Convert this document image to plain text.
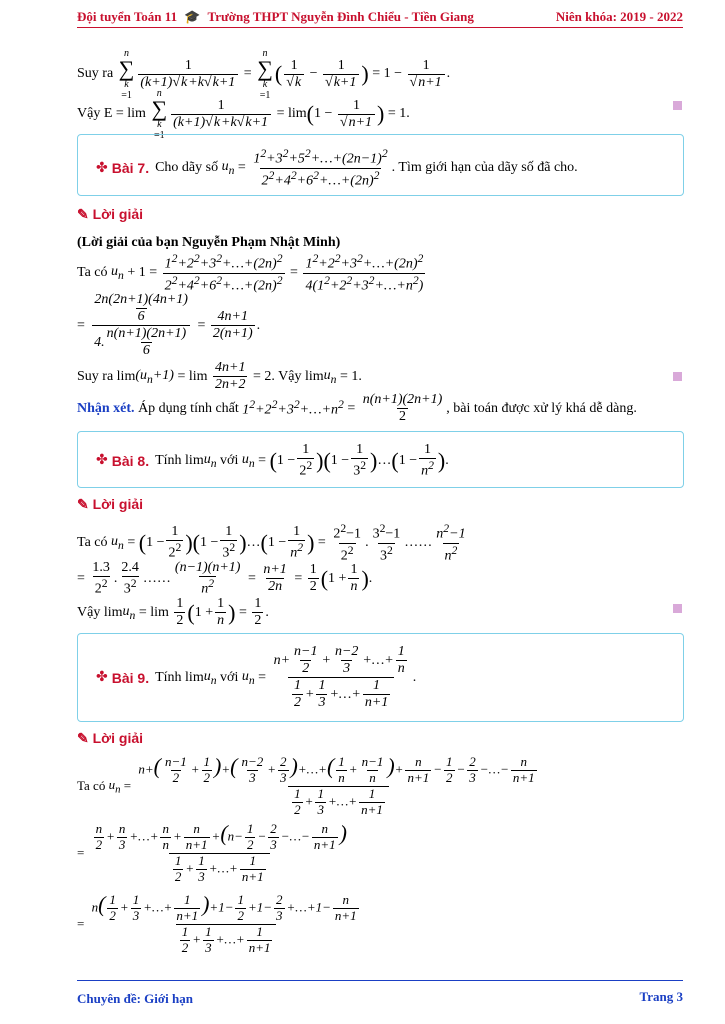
Đội tuyển Toán 11 🎓 Trường THPT Nguyễn Đình Chiểu - Tiền Giang	Niên khóa: 2019 - 2022
Suy ra

n
∑
k
=1
$\frac{1}{(k+1)√k+k√k+1}$ =
n
∑
k
=1
( $\frac{1}{√k} - \frac{1}{√k+1}$ ) = $1 - \frac{1}{√n+1}$ .
Vậy E = lim

n
∑
k
=1
$\frac{1}{(k+1)√k+k√k+1} = \lim$ ( $1 - \frac{1}{√n+1}$ ) = 1.
✤ Bài 7. Cho dãy số
$u_n = \frac{1^2+3^2+5^2+\dots+(2n-1)^2}{2^2+4^2+6^2+\dots+(2n)^2}$ . Tìm giới hạn của dãy số đã cho.
✎ Lời giải
(Lời giải của bạn Nguyễn Phạm Nhật Minh)
Ta có
$u_n + 1 = \frac{1^2+2^2+3^2+\dots+(2n)^2}{2^2+4^2+6^2+\dots+(2n)^2} = \frac{1^2+2^2+3^2+\dots+(2n)^2}{4(1^2+2^2+3^2+\dots+n^2)}$
= $\frac{\frac{2n(2n+1)(4n+1)}{6}}{4. \frac{n(n+1)(2n+1)}{6}} = \frac{4n+1}{2(n+1)}$ .
Suy ra $\lim (u_n+1) = \lim \frac{4n+1}{2n+2} = 2$. Vậy $\lim u_n = 1$.
Nhận xét.
Áp dụng tính chất
$1^2+2^2+3^2+\dots+n^2 = \frac{n(n+1)(2n+1)}{2}$ , bài toán được xử lý khá dễ dàng.
✤ Bài 8. Tính $\lim u_n$
với
$u_n$ = ( $1 - \frac{1}{2^2}$ ) ( $1 - \frac{1}{3^2}$ ) … ( $1 - \frac{1}{n^2}$ ) .
✎ Lời giải
Ta có
$u_n$ = ( $1 - \frac{1}{2^2}$ ) ( $1 - \frac{1}{3^2}$ ) … ( $1 - \frac{1}{n^2}$ ) = $\frac{2^2-1}{2^2}$ . $\frac{3^2-1}{3^2}$ …… $\frac{n^2-1}{n^2}$
= $\frac{1.3}{2^2}$ . $\frac{2.4}{3^2}$ …… $\frac{(n-1)(n+1)}{n^2} = \frac{n+1}{2n} = \frac{1}{2}$ ( $1 + \frac{1}{n}$ ) .
Vậy $\lim u_n = \lim \frac{1}{2}$ ( $1 + \frac{1}{n}$ ) = $\frac{1}{2}$ .
✤ Bài 9. Tính $\lim u_n$
với
$u_n = \frac{n+ \frac{n-1}{2} + \frac{n-2}{3} +\dots+ \frac{1}{n}}{\frac{1}{2} + \frac{1}{3} +\dots+ \frac{1}{n+1}}$ .
✎ Lời giải
Ta có
$u_n = \frac{n+( \frac{n-1}{2} + \frac{1}{2} )+( \frac{n-2}{3} + \frac{2}{3} )+\dots+( \frac{1}{n} + \frac{n-1}{n} )+ \frac{n}{n+1} - \frac{1}{2} - \frac{2}{3} -\dots- \frac{n}{n+1}}{\frac{1}{2} + \frac{1}{3} +\dots+ \frac{1}{n+1}}$
= $\frac{\frac{n}{2} + \frac{n}{3} +\dots+ \frac{n}{n} + \frac{n}{n+1} +(n- \frac{1}{2} - \frac{2}{3} -\dots- \frac{n}{n+1} )}{\frac{1}{2} + \frac{1}{3} +\dots+ \frac{1}{n+1}}$
= $\frac{n( \frac{1}{2} + \frac{1}{3} +\dots+ \frac{1}{n+1} )+1- \frac{1}{2} +1- \frac{2}{3} +\dots+1- \frac{n}{n+1}}{\frac{1}{2} + \frac{1}{3} +\dots+ \frac{1}{n+1}}$
Chuyên đề: Giới hạn	Trang 3
